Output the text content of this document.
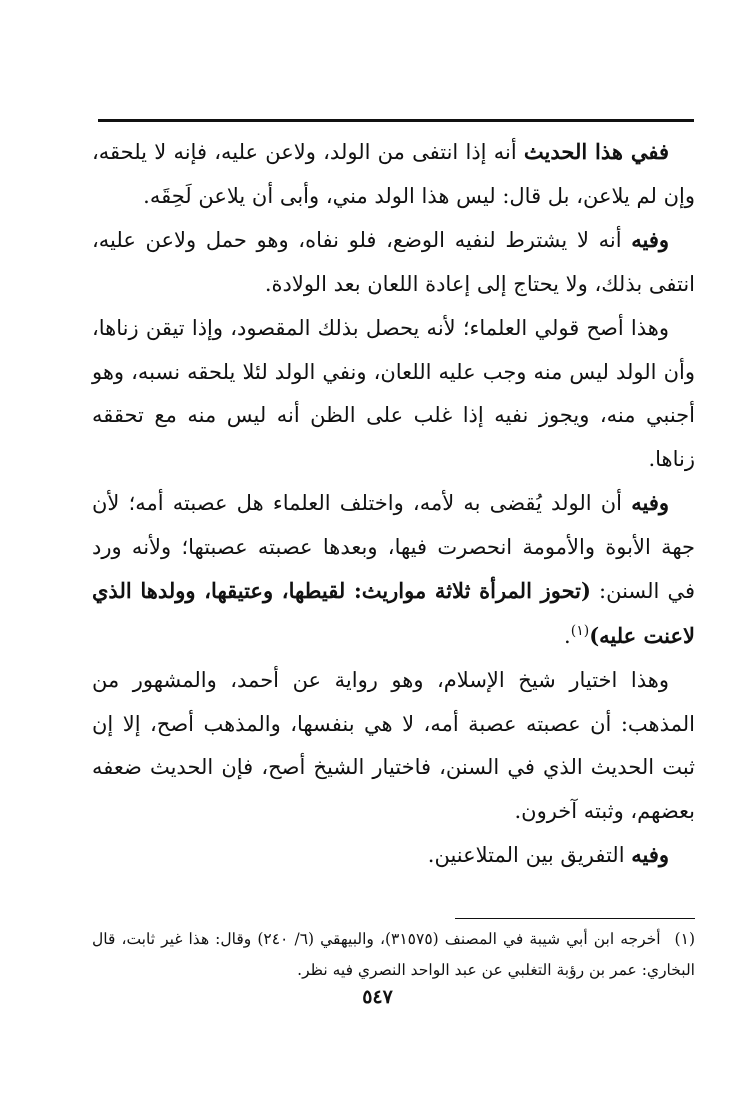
ففي هذا الحديث أنه إذا انتفى من الولد، ولاعن عليه، فإنه لا يلحقه، وإن لم يلاعن، بل قال: ليس هذا الولد مني، وأبى أن يلاعن لَحِقَه.

وفيه أنه لا يشترط لنفيه الوضع، فلو نفاه، وهو حمل ولاعن عليه، انتفى بذلك، ولا يحتاج إلى إعادة اللعان بعد الولادة.

وهذا أصح قولي العلماء؛ لأنه يحصل بذلك المقصود، وإذا تيقن زناها، وأن الولد ليس منه وجب عليه اللعان، ونفي الولد لئلا يلحقه نسبه، وهو أجنبي منه، ويجوز نفيه إذا غلب على الظن أنه ليس منه مع تحققه زناها.

وفيه أن الولد يُقضى به لأمه، واختلف العلماء هل عصبته أمه؛ لأن جهة الأبوة والأمومة انحصرت فيها، وبعدها عصبته عصبتها؛ ولأنه ورد في السنن: (تحوز المرأة ثلاثة مواريث: لقيطها، وعتيقها، وولدها الذي لاعنت عليه)$^{(١)}$.

وهذا اختيار شيخ الإسلام، وهو رواية عن أحمد، والمشهور من المذهب: أن عصبته عصبة أمه، لا هي بنفسها، والمذهب أصح، إلا إن ثبت الحديث الذي في السنن، فاختيار الشيخ أصح، فإن الحديث ضعفه بعضهم، وثبته آخرون.

وفيه التفريق بين المتلاعنين.

(١)أخرجه ابن أبي شيبة في المصنف (٣١٥٧٥)، والبيهقي (٦/ ٢٤٠) وقال: هذا غير ثابت، قال البخاري: عمر بن رؤبة التغلبي عن عبد الواحد النصري فيه نظر.

٥٤٧
